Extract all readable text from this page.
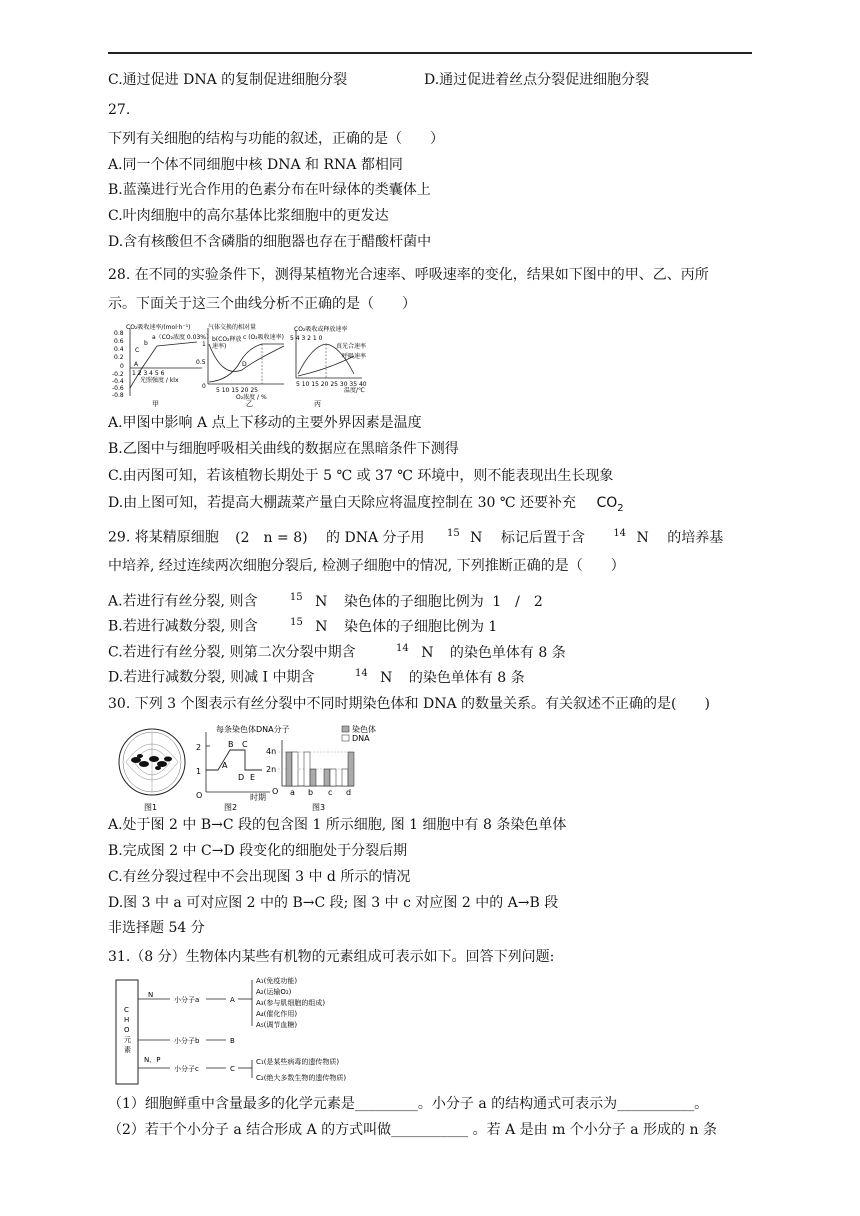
C.通过促进 DNA 的复制促进细胞分裂	D.通过促进着丝点分裂促进细胞分裂
27.
下列有关细胞的结构与功能的叙述，正确的是（　　）
A.同一个体不同细胞中核 DNA 和 RNA 都相同
B.蓝藻进行光合作用的色素分布在叶绿体的类囊体上
C.叶肉细胞中的高尔基体比浆细胞中的更发达
D.含有核酸但不含磷脂的细胞器也存在于醋酸杆菌中
28. 在不同的实验条件下，测得某植物光合速率、呼吸速率的变化，结果如下图中的甲、乙、丙所
示。下面关于这三个曲线分析不正确的是（　　）
CO₂吸收速率/(mol·h⁻¹)
a（CO₂浓度 0.03%）
b
C
A
1 2 3 4 5 6
光照强度 / klx
0.8
0.6
0.4
0.2
0
-0.2
-0.4
-0.6
-0.8
甲
气体交换的相对量
b(CO₂释放
速率)
c (O₂吸收速率)
D
1
0.5
0
5 10 15 20 25
O₂浓度 / %
乙
CO₂吸收或释放速率
5 4 3 2 1 0
真光合速率
呼吸速率
5 10 15 20 25 30 35 40
温度/℃
丙
A.甲图中影响 A 点上下移动的主要外界因素是温度
B.乙图中与细胞呼吸相关曲线的数据应在黑暗条件下测得
C.由丙图可知，若该植物长期处于 5 ℃ 或 37 ℃ 环境中，则不能表现出生长现象
D.由上图可知，若提高大棚蔬菜产量白天除应将温度控制在 30 ℃ 还要补充 $CO_2$
29. 将某精原细胞 (2　n = 8) 的 DNA 分子用 $^{15}$ N 标记后置于含	$^{14}$ N 的培养基
中培养, 经过连续两次细胞分裂后, 检测子细胞中的情况, 下列推断正确的是（　　）
A.若进行有丝分裂, 则含	$^{15}$ N 染色体的子细胞比例为 1　/　2
B.若进行减数分裂, 则含	$^{15}$ N 染色体的子细胞比例为 1
C.若进行有丝分裂, 则第二次分裂中期含	$^{14}$ N 的染色单体有 8 条
D.若进行减数分裂, 则减 I 中期含	$^{14}$ N 的染色单体有 8 条
30. 下列 3 个图表示有丝分裂中不同时期染色体和 DNA 的数量关系。有关叙述不正确的是(　　)
图1
每条染色体DNA分子
2
1
O
A
B C
D E
时期
图2
4n
2n
O a b c d
染色体
DNA
图3
A.处于图 2 中 B→C 段的包含图 1 所示细胞, 图 1 细胞中有 8 条染色单体
B.完成图 2 中 C→D 段变化的细胞处于分裂后期
C.有丝分裂过程中不会出现图 3 中 d 所示的情况
D.图 3 中 a 可对应图 2 中的 B→C 段; 图 3 中 c 对应图 2 中的 A→B 段
非选择题 54 分
31.（8 分）生物体内某些有机物的元素组成可表示如下。回答下列问题:
C H O 元素
N
小分子a	A
A₁(免疫功能)
A₂(运输O₂)
A₃(参与肌细胞的组成)
A₄(催化作用)
A₅(调节血糖)
小分子b	B
N、P
小分子c	C
C₁(是某些病毒的遗传物质)
C₂(绝大多数生物的遗传物质)
（1）细胞鲜重中含量最多的化学元素是_________。小分子 a 的结构通式可表示为___________。
（2）若干个小分子 a 结合形成 A 的方式叫做___________ 。若 A 是由 m 个小分子 a 形成的 n 条
